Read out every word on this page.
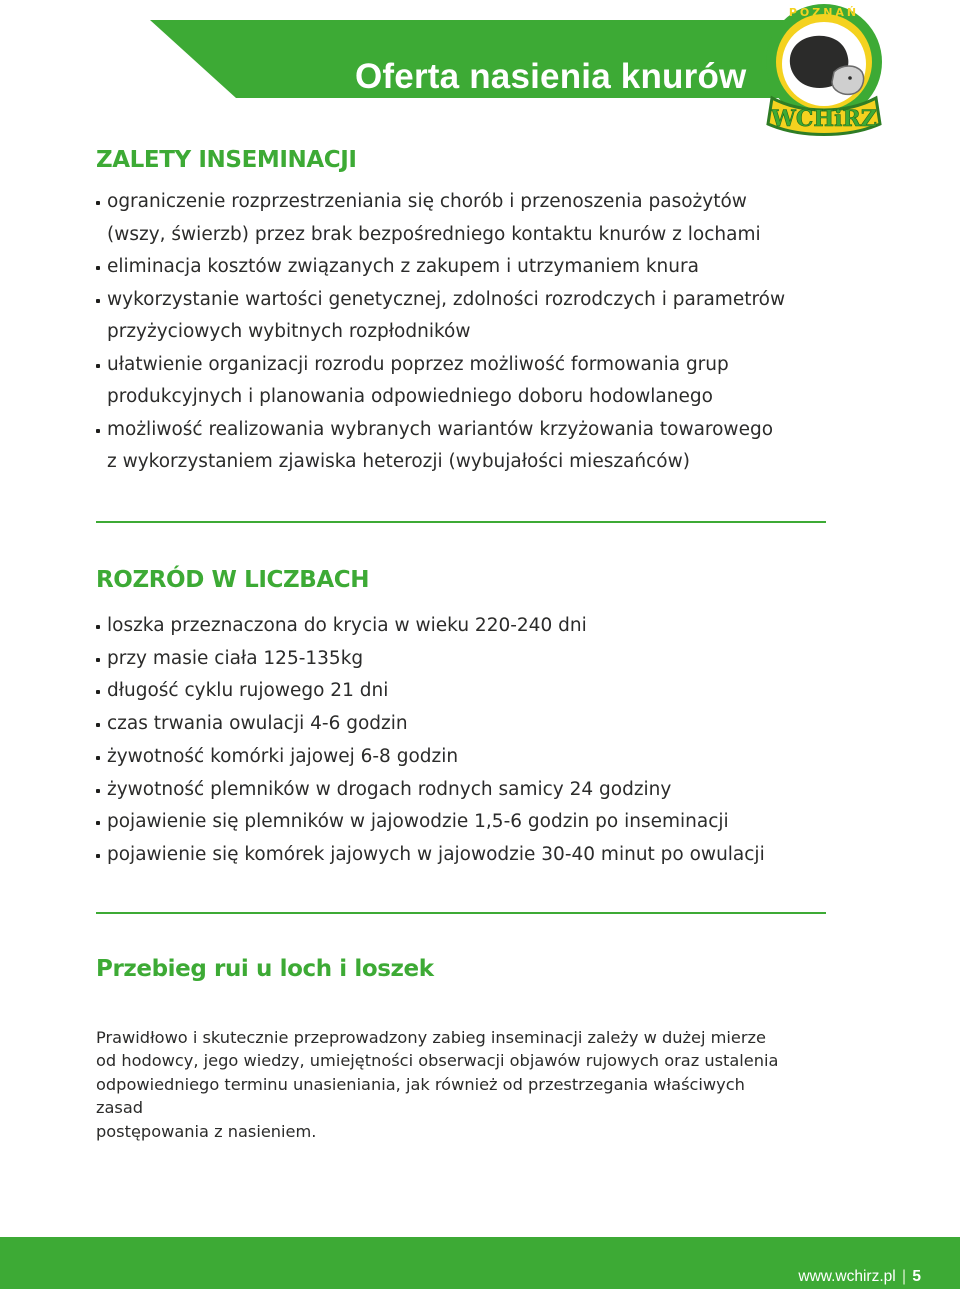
Oferta nasienia knurów
WCHiRZ
POZNAŃ
ZALETY INSEMINACJI
ograniczenie rozprzestrzeniania się chorób i przenoszenia pasożytów
(wszy, świerzb) przez brak bezpośredniego kontaktu knurów z lochami
eliminacja kosztów związanych z zakupem i utrzymaniem knura
wykorzystanie wartości genetycznej, zdolności rozrodczych i parametrów
przyżyciowych wybitnych rozpłodników
ułatwienie organizacji rozrodu poprzez możliwość formowania grup
produkcyjnych i planowania odpowiedniego doboru hodowlanego
możliwość realizowania wybranych wariantów krzyżowania towarowego
z wykorzystaniem zjawiska heterozji (wybujałości mieszańców)
ROZRÓD W LICZBACH
loszka przeznaczona do krycia w wieku 220-240 dni
przy masie ciała 125-135kg
długość cyklu rujowego 21 dni
czas trwania owulacji 4-6 godzin
żywotność komórki jajowej 6-8 godzin
żywotność plemników w drogach rodnych samicy 24 godziny
pojawienie się plemników w jajowodzie 1,5-6 godzin po inseminacji
pojawienie się komórek jajowych w jajowodzie 30-40 minut po owulacji
Przebieg rui u loch i loszek

Prawidłowo i skutecznie przeprowadzony zabieg inseminacji zależy w dużej mierze
od hodowcy, jego wiedzy, umiejętności obserwacji objawów rujowych oraz ustalenia
odpowiedniego terminu unasieniania, jak również od przestrzegania właściwych zasad
postępowania z nasieniem.

www.wchirz.pl | 5
